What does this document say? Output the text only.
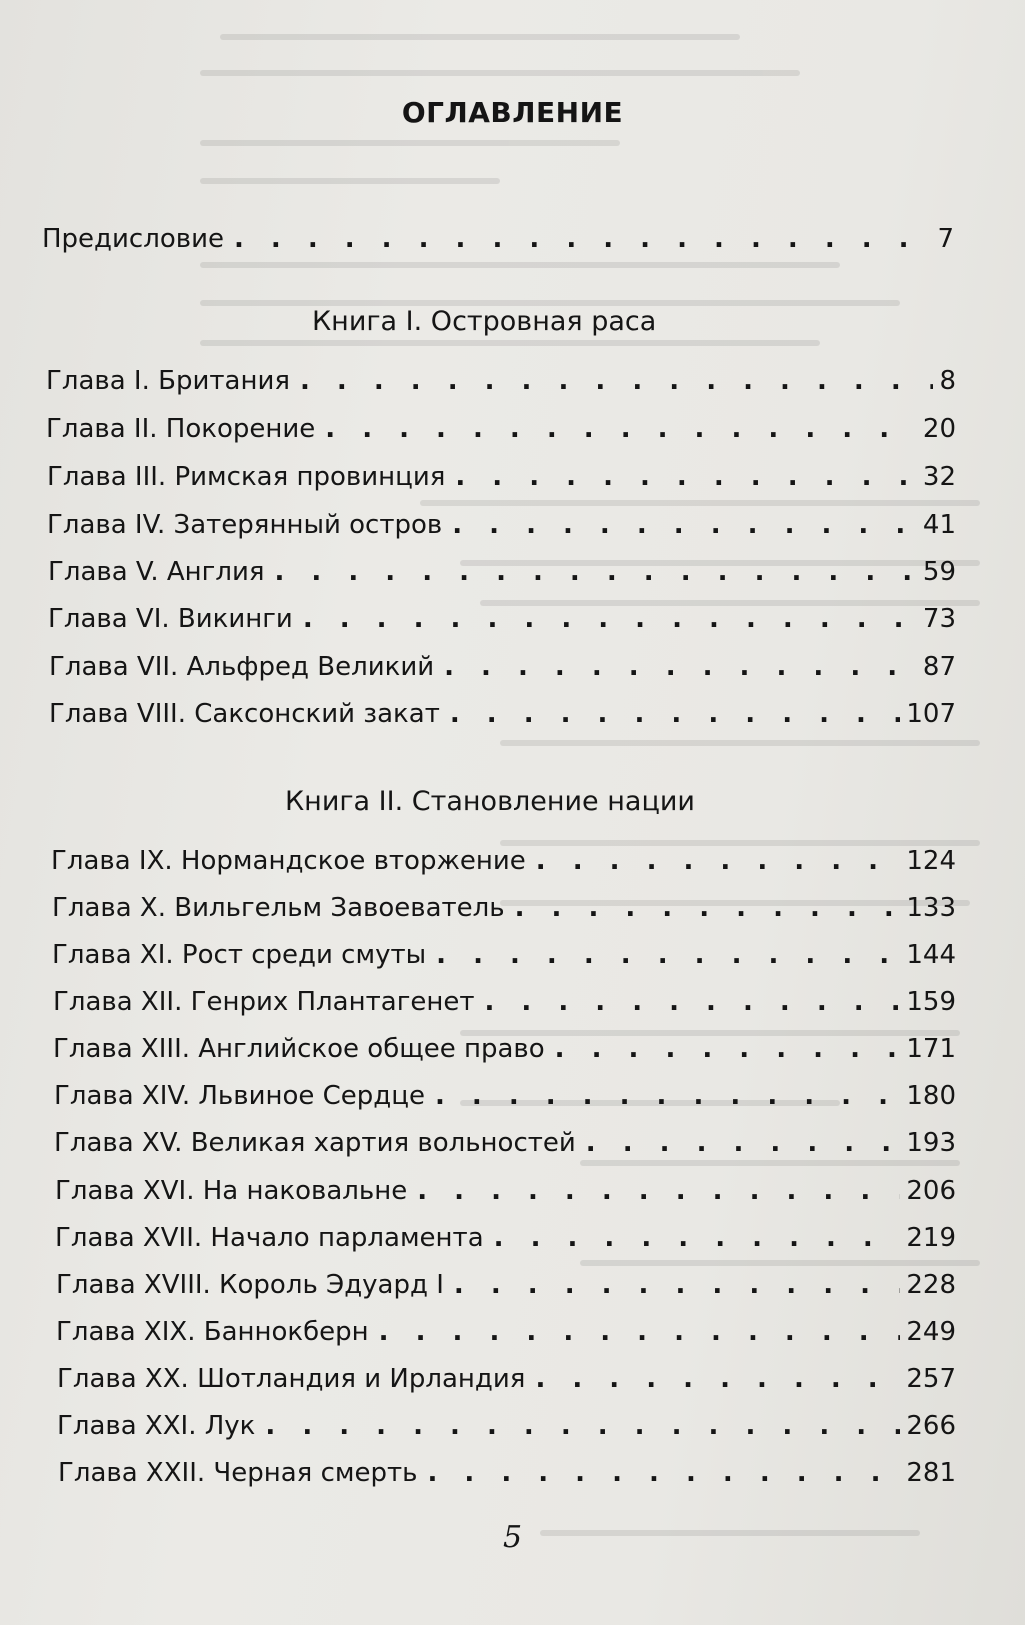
ОГЛАВЛЕНИЕ
Предисловие . . .	7
Книга I. Островная раса
Глава I. Британия . . .	8
Глава II. Покорение . . .	20
Глава III. Римская провинция . . .	32
Глава IV. Затерянный остров . . .	41
Глава V. Англия . . .	59
Глава VI. Викинги . . .	73
Глава VII. Альфред Великий . . .	87
Глава VIII. Саксонский закат . . .	107
Книга II. Становление нации
Глава IX. Нормандское вторжение . . .	124
Глава X. Вильгельм Завоеватель . . .	133
Глава XI. Рост среди смуты . . .	144
Глава XII. Генрих Плантагенет . . .	159
Глава XIII. Английское общее право . . .	171
Глава XIV. Львиное Сердце . . .	180
Глава XV. Великая хартия вольностей . . .	193
Глава XVI. На наковальне . . .	206
Глава XVII. Начало парламента . . .	219
Глава XVIII. Король Эдуард I . . .	228
Глава XIX. Баннокберн . . .	249
Глава XX. Шотландия и Ирландия . . .	257
Глава XXI. Лук . . .	266
Глава XXII. Черная смерть . . .	281
5
